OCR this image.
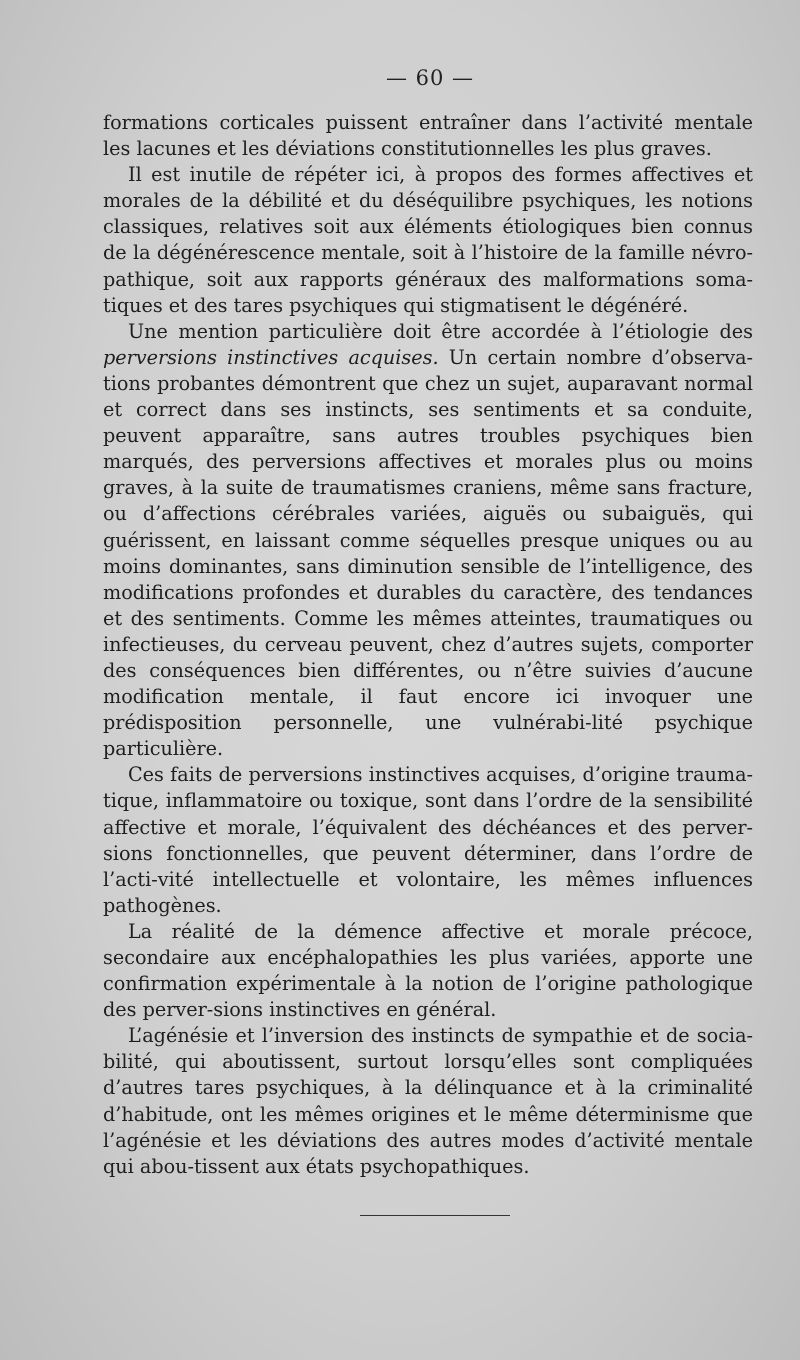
— 60 —

formations corticales puissent entraîner dans l’activité mentale les lacunes et les déviations constitutionnelles les plus graves.

Il est inutile de répéter ici, à propos des formes affectives et morales de la débilité et du déséquilibre psychiques, les notions classiques, relatives soit aux éléments étiologiques bien connus de la dégénérescence mentale, soit à l’histoire de la famille névro-pathique, soit aux rapports généraux des malformations soma-tiques et des tares psychiques qui stigmatisent le dégénéré.

Une mention particulière doit être accordée à l’étiologie des perversions instinctives acquises. Un certain nombre d’observa-tions probantes démontrent que chez un sujet, auparavant normal et correct dans ses instincts, ses sentiments et sa conduite, peuvent apparaître, sans autres troubles psychiques bien marqués, des perversions affectives et morales plus ou moins graves, à la suite de traumatismes craniens, même sans fracture, ou d’affections cérébrales variées, aiguës ou subaiguës, qui guérissent, en laissant comme séquelles presque uniques ou au moins dominantes, sans diminution sensible de l’intelligence, des modifications profondes et durables du caractère, des tendances et des sentiments. Comme les mêmes atteintes, traumatiques ou infectieuses, du cerveau peuvent, chez d’autres sujets, comporter des conséquences bien différentes, ou n’être suivies d’aucune modification mentale, il faut encore ici invoquer une prédisposition personnelle, une vulnérabi-lité psychique particulière.

Ces faits de perversions instinctives acquises, d’origine trauma-tique, inflammatoire ou toxique, sont dans l’ordre de la sensibilité affective et morale, l’équivalent des déchéances et des perver-sions fonctionnelles, que peuvent déterminer, dans l’ordre de l’acti-vité intellectuelle et volontaire, les mêmes influences pathogènes.

La réalité de la démence affective et morale précoce, secondaire aux encéphalopathies les plus variées, apporte une confirmation expérimentale à la notion de l’origine pathologique des perver-sions instinctives en général.

L’agénésie et l’inversion des instincts de sympathie et de socia-bilité, qui aboutissent, surtout lorsqu’elles sont compliquées d’autres tares psychiques, à la délinquance et à la criminalité d’habitude, ont les mêmes origines et le même déterminisme que l’agénésie et les déviations des autres modes d’activité mentale qui abou-tissent aux états psychopathiques.
